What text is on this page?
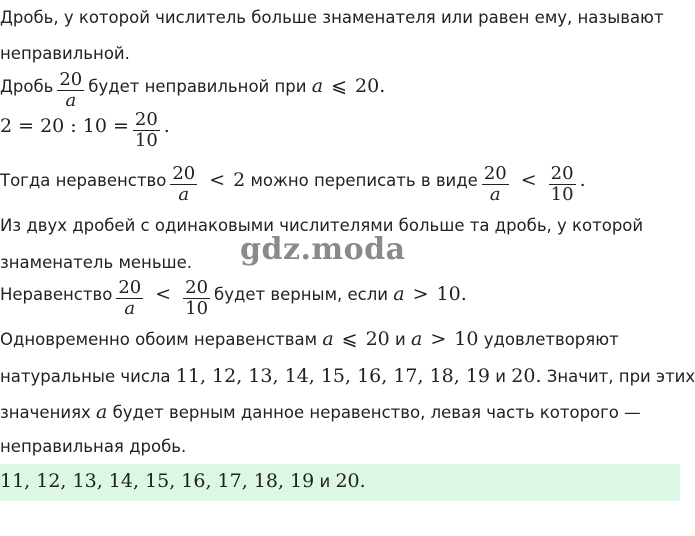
Дробь, у которой числитель больше знаменателя или равен ему, называют
неправильной.
Дробь $\frac{20}{a}$ будет неправильной при a ⩽ 20.
2 = 20 : $10 = \frac{20}{10}$ .
Тогда неравенство $\frac{20}{a} < 2$ можно переписать в виде $\frac{20}{a} < \frac{20}{10}$ .
Из двух дробей с одинаковыми числителями больше та дробь, у которой
знаменатель меньше.
Неравенство $\frac{20}{a} < \frac{20}{10}$ будет верным, если a > 10.
Одновременно обоим неравенствам a ⩽ 20 и a > 10 удовлетворяют
натуральные числа 11, 12, 13, 14, 15, 16, 17, 18, 19 и 20. Значит, при этих
значениях a будет верным данное неравенство, левая часть которого —
неправильная дробь.
11, 12, 13, 14, 15, 16, 17, 18, 19 и 20.
gdz.moda
